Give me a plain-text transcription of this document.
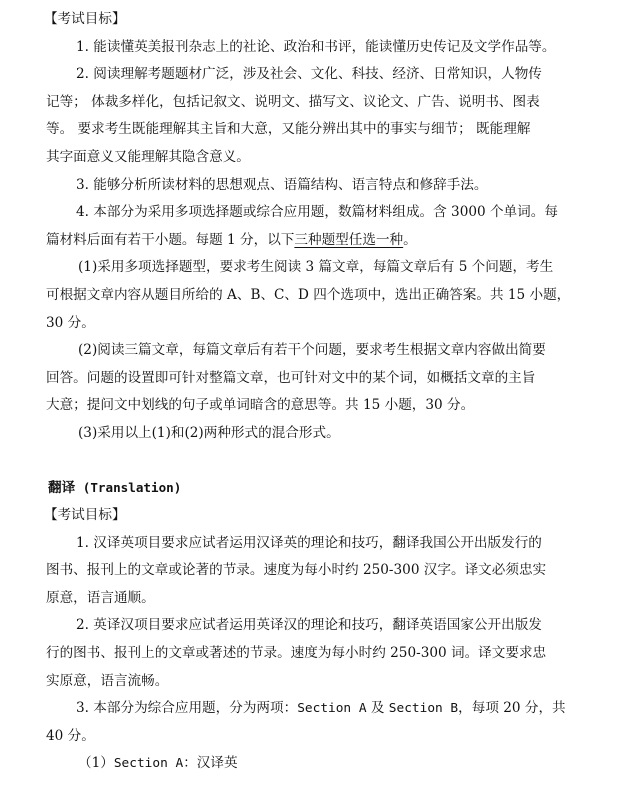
【考试目标】
1. 能读懂英美报刊杂志上的社论、政治和书评，能读懂历史传记及文学作品等。
2. 阅读理解考题题材广泛，涉及社会、文化、科技、经济、日常知识，人物传
记等； 体裁多样化，包括记叙文、说明文、描写文、议论文、广告、说明书、图表
等。 要求考生既能理解其主旨和大意，又能分辨出其中的事实与细节； 既能理解
其字面意义又能理解其隐含意义。
3. 能够分析所读材料的思想观点、语篇结构、语言特点和修辞手法。
4. 本部分为采用多项选择题或综合应用题，数篇材料组成。含 3000 个单词。每
篇材料后面有若干小题。每题 1 分，以下三种题型任选一种。
(1)采用多项选择题型，要求考生阅读 3 篇文章，每篇文章后有 5 个问题，考生
可根据文章内容从题目所给的 A、B、C、D 四个选项中，选出正确答案。共 15 小题，
30 分。
(2)阅读三篇文章，每篇文章后有若干个问题，要求考生根据文章内容做出简要
回答。问题的设置即可针对整篇文章，也可针对文中的某个词，如概括文章的主旨
大意；提问文中划线的句子或单词暗含的意思等。共 15 小题，30 分。
(3)采用以上(1)和(2)两种形式的混合形式。
翻译 (Translation)
【考试目标】
1. 汉译英项目要求应试者运用汉译英的理论和技巧，翻译我国公开出版发行的
图书、报刊上的文章或论著的节录。速度为每小时约 250-300 汉字。译文必须忠实
原意，语言通顺。
2. 英译汉项目要求应试者运用英译汉的理论和技巧，翻译英语国家公开出版发
行的图书、报刊上的文章或著述的节录。速度为每小时约 250-300 词。译文要求忠
实原意，语言流畅。
3. 本部分为综合应用题，分为两项：Section A 及 Section B，每项 20 分，共
40 分。
（1）Section A：汉译英
